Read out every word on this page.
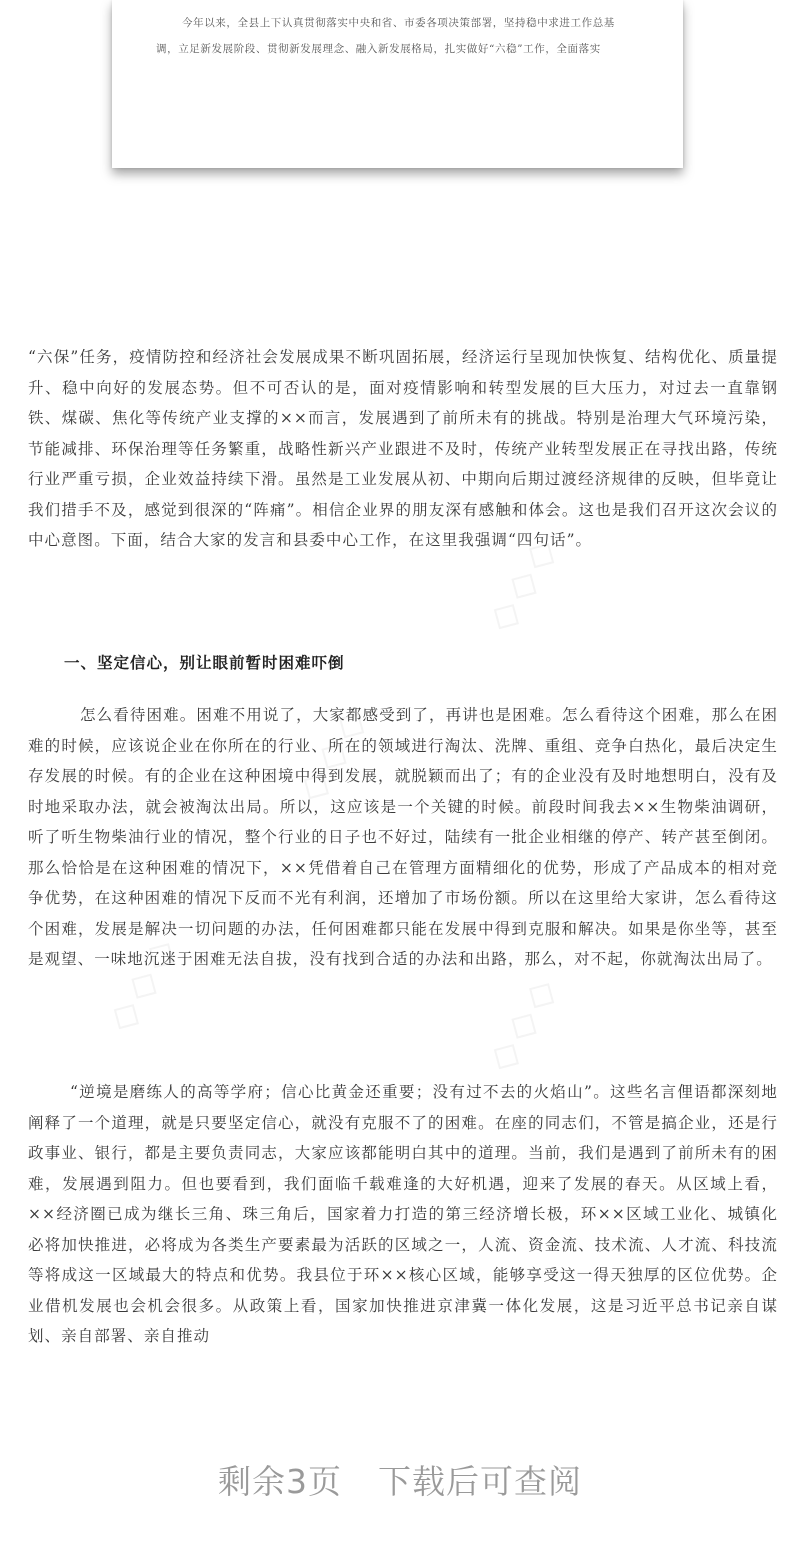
今年以来，全县上下认真贯彻落实中央和省、市委各项决策部署，坚持稳中求进工作总基

调，立足新发展阶段、贯彻新发展理念、融入新发展格局，扎实做好“六稳”工作，全面落实

◇◇◇
◇◇◇
◇◇◇	◇◇◇

“六保”任务，疫情防控和经济社会发展成果不断巩固拓展，经济运行呈现加快恢复、结构优化、质量提升、稳中向好的发展态势。但不可否认的是，面对疫情影响和转型发展的巨大压力，对过去一直靠钢铁、煤碳、焦化等传统产业支撑的××而言，发展遇到了前所未有的挑战。特别是治理大气环境污染，节能减排、环保治理等任务繁重，战略性新兴产业跟进不及时，传统产业转型发展正在寻找出路，传统行业严重亏损，企业效益持续下滑。虽然是工业发展从初、中期向后期过渡经济规律的反映，但毕竟让我们措手不及，感觉到很深的“阵痛”。相信企业界的朋友深有感触和体会。这也是我们召开这次会议的中心意图。下面，结合大家的发言和县委中心工作，在这里我强调“四句话”。

一、坚定信心，别让眼前暂时困难吓倒

怎么看待困难。困难不用说了，大家都感受到了，再讲也是困难。怎么看待这个困难，那么在困难的时候，应该说企业在你所在的行业、所在的领域进行淘汰、洗牌、重组、竞争白热化，最后决定生存发展的时候。有的企业在这种困境中得到发展，就脱颖而出了；有的企业没有及时地想明白，没有及时地采取办法，就会被淘汰出局。所以，这应该是一个关键的时候。前段时间我去××生物柴油调研，听了听生物柴油行业的情况，整个行业的日子也不好过，陆续有一批企业相继的停产、转产甚至倒闭。那么恰恰是在这种困难的情况下，××凭借着自己在管理方面精细化的优势，形成了产品成本的相对竞争优势，在这种困难的情况下反而不光有利润，还增加了市场份额。所以在这里给大家讲，怎么看待这个困难，发展是解决一切问题的办法，任何困难都只能在发展中得到克服和解决。如果是你坐等，甚至是观望、一味地沉迷于困难无法自拔，没有找到合适的办法和出路，那么，对不起，你就淘汰出局了。

“逆境是磨练人的高等学府；信心比黄金还重要；没有过不去的火焰山”。这些名言俚语都深刻地阐释了一个道理，就是只要坚定信心，就没有克服不了的困难。在座的同志们，不管是搞企业，还是行政事业、银行，都是主要负责同志，大家应该都能明白其中的道理。当前，我们是遇到了前所未有的困难，发展遇到阻力。但也要看到，我们面临千载难逢的大好机遇，迎来了发展的春天。从区域上看，××经济圈已成为继长三角、珠三角后，国家着力打造的第三经济增长极，环××区域工业化、城镇化必将加快推进，必将成为各类生产要素最为活跃的区域之一，人流、资金流、技术流、人才流、科技流等将成这一区域最大的特点和优势。我县位于环××核心区域，能够享受这一得天独厚的区位优势。企业借机发展也会机会很多。从政策上看，国家加快推进京津冀一体化发展，这是习近平总书记亲自谋划、亲自部署、亲自推动

剩余3页 下载后可查阅
